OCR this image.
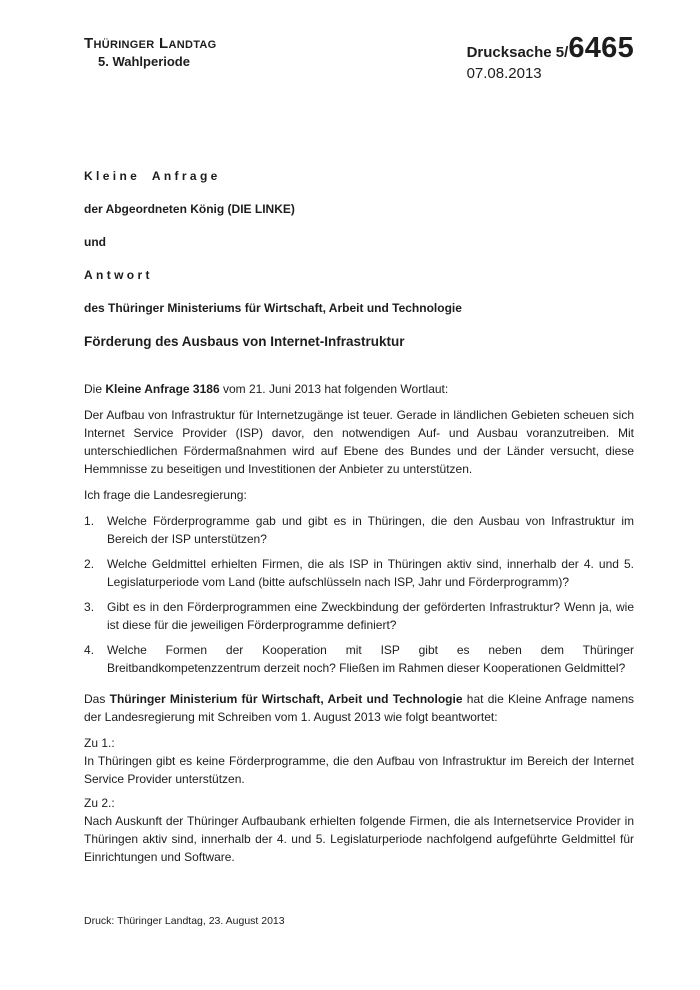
Thüringer Landtag
5. Wahlperiode
Drucksache 5/ 6465
07.08.2013

Kleine Anfrage

der Abgeordneten König (DIE LINKE)

und

Antwort

des Thüringer Ministeriums für Wirtschaft, Arbeit und Technologie

Förderung des Ausbaus von Internet-Infrastruktur

Die Kleine Anfrage 3186 vom 21. Juni 2013 hat folgenden Wortlaut:

Der Aufbau von Infrastruktur für Internetzugänge ist teuer. Gerade in ländlichen Gebieten scheuen sich Internet Service Provider (ISP) davor, den notwendigen Auf- und Ausbau voranzutreiben. Mit unterschiedlichen Fördermaßnahmen wird auf Ebene des Bundes und der Länder versucht, diese Hemmnisse zu beseitigen und Investitionen der Anbieter zu unterstützen.

Ich frage die Landesregierung:

Welche Förderprogramme gab und gibt es in Thüringen, die den Ausbau von Infrastruktur im Bereich der ISP unterstützen?
Welche Geldmittel erhielten Firmen, die als ISP in Thüringen aktiv sind, innerhalb der 4. und 5. Legislaturperiode vom Land (bitte aufschlüsseln nach ISP, Jahr und Förderprogramm)?
Gibt es in den Förderprogrammen eine Zweckbindung der geförderten Infrastruktur? Wenn ja, wie ist diese für die jeweiligen Förderprogramme definiert?
Welche Formen der Kooperation mit ISP gibt es neben dem Thüringer Breitbandkompetenzzentrum derzeit noch? Fließen im Rahmen dieser Kooperationen Geldmittel?

Das Thüringer Ministerium für Wirtschaft, Arbeit und Technologie hat die Kleine Anfrage namens der Landesregierung mit Schreiben vom 1. August 2013 wie folgt beantwortet:

Zu 1.:

In Thüringen gibt es keine Förderprogramme, die den Aufbau von Infrastruktur im Bereich der Internet Service Provider unterstützen.

Zu 2.:

Nach Auskunft der Thüringer Aufbaubank erhielten folgende Firmen, die als Internetservice Provider in Thüringen aktiv sind, innerhalb der 4. und 5. Legislaturperiode nachfolgend aufgeführte Geldmittel für Einrichtungen und Software.

Druck: Thüringer Landtag, 23. August 2013
